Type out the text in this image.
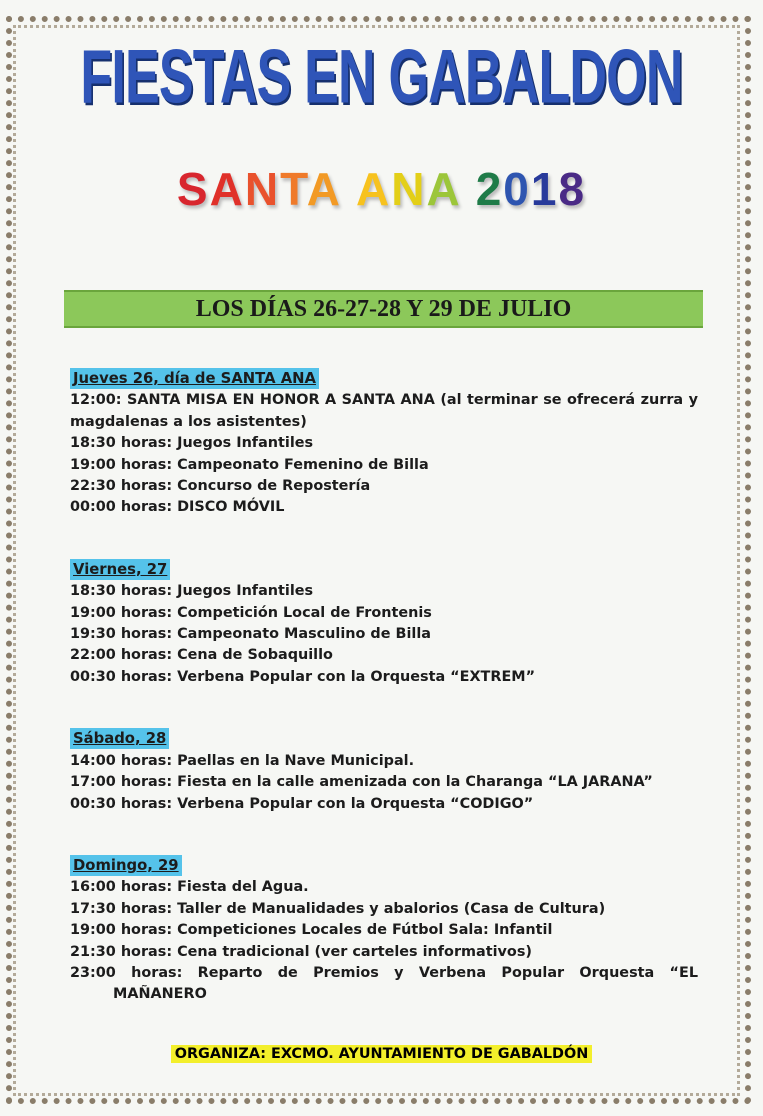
FIESTAS EN GABALDON
SANTA ANA 2018
LOS DÍAS 26-27-28 Y 29 DE JULIO
Jueves 26, día de SANTA ANA
12:00: SANTA MISA EN HONOR A SANTA ANA (al terminar se ofrecerá zurra y magdalenas a los asistentes)
18:30 horas: Juegos Infantiles
19:00 horas: Campeonato Femenino de Billa
22:30 horas: Concurso de Repostería
00:00 horas: DISCO MÓVIL
Viernes, 27
18:30 horas: Juegos Infantiles
19:00 horas: Competición Local de Frontenis
19:30 horas: Campeonato Masculino de Billa
22:00 horas: Cena de Sobaquillo
00:30 horas: Verbena Popular con la Orquesta “EXTREM”
Sábado, 28
14:00 horas: Paellas en la Nave Municipal.
17:00 horas: Fiesta en la calle amenizada con la Charanga “LA JARANA”
00:30 horas: Verbena Popular con la Orquesta “CODIGO”
Domingo, 29
16:00 horas: Fiesta del Agua.
17:30 horas: Taller de Manualidades y abalorios (Casa de Cultura)
19:00 horas: Competiciones Locales de Fútbol Sala: Infantil
21:30 horas: Cena tradicional (ver carteles informativos)
23:00 horas: Reparto de Premios y Verbena Popular Orquesta “EL
MAÑANERO
ORGANIZA: EXCMO. AYUNTAMIENTO DE GABALDÓN
